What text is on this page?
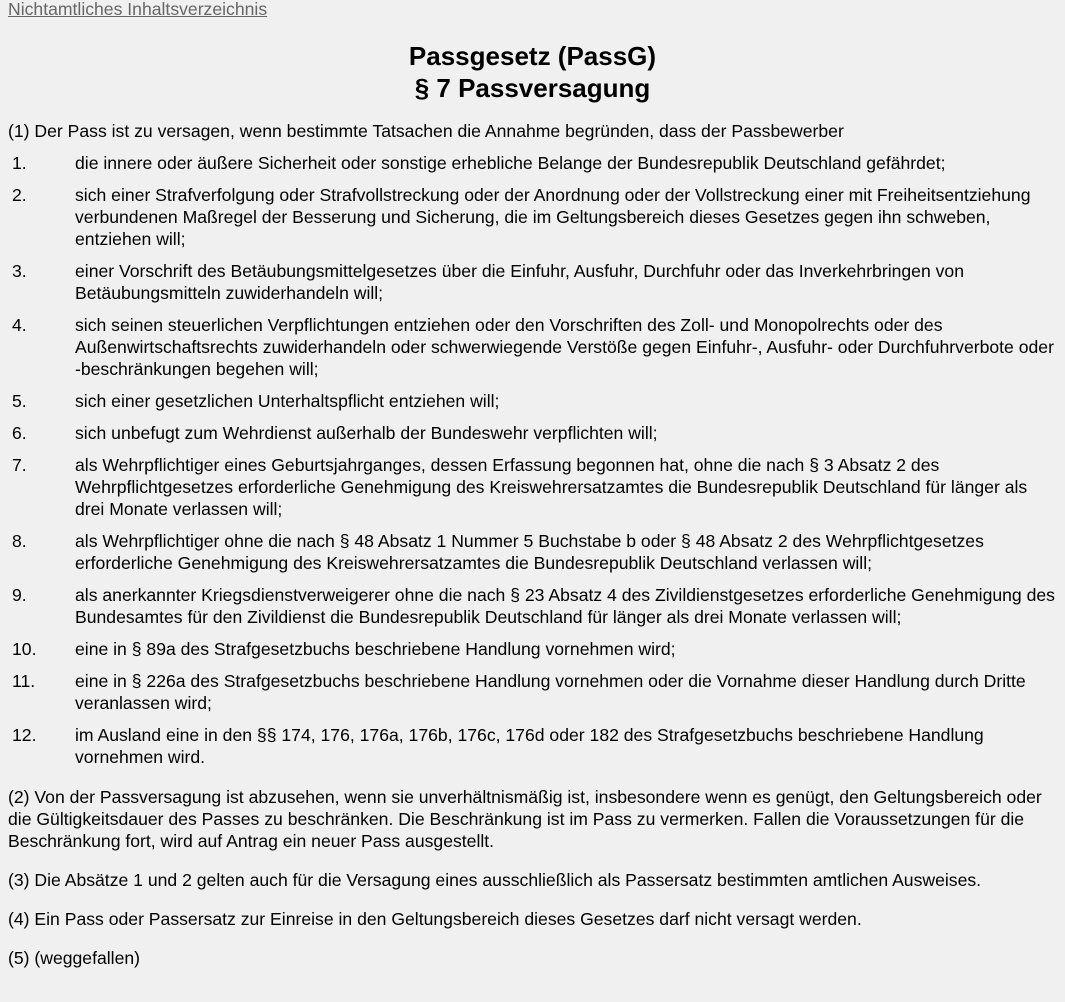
Nichtamtliches Inhaltsverzeichnis
Passgesetz (PassG)
§ 7 Passversagung

(1) Der Pass ist zu versagen, wenn bestimmte Tatsachen die Annahme begründen, dass der Passbewerber

1.	die innere oder äußere Sicherheit oder sonstige erhebliche Belange der Bundesrepublik Deutschland gefährdet;
2.	sich einer Strafverfolgung oder Strafvollstreckung oder der Anordnung oder der Vollstreckung einer mit Freiheitsentziehung verbundenen Maßregel der Besserung und Sicherung, die im Geltungsbereich dieses Gesetzes gegen ihn schweben, entziehen will;
3.	einer Vorschrift des Betäubungsmittelgesetzes über die Einfuhr, Ausfuhr, Durchfuhr oder das Inverkehrbringen von Betäubungsmitteln zuwiderhandeln will;
4.	sich seinen steuerlichen Verpflichtungen entziehen oder den Vorschriften des Zoll- und Monopolrechts oder des Außenwirtschaftsrechts zuwiderhandeln oder schwerwiegende Verstöße gegen Einfuhr-, Ausfuhr- oder Durchfuhrverbote oder -beschränkungen begehen will;
5.	sich einer gesetzlichen Unterhaltspflicht entziehen will;
6.	sich unbefugt zum Wehrdienst außerhalb der Bundeswehr verpflichten will;
7.	als Wehrpflichtiger eines Geburtsjahrganges, dessen Erfassung begonnen hat, ohne die nach § 3 Absatz 2 des Wehrpflichtgesetzes erforderliche Genehmigung des Kreiswehrersatzamtes die Bundesrepublik Deutschland für länger als drei Monate verlassen will;
8.	als Wehrpflichtiger ohne die nach § 48 Absatz 1 Nummer 5 Buchstabe b oder § 48 Absatz 2 des Wehrpflichtgesetzes erforderliche Genehmigung des Kreiswehrersatzamtes die Bundesrepublik Deutschland verlassen will;
9.	als anerkannter Kriegsdienstverweigerer ohne die nach § 23 Absatz 4 des Zivildienstgesetzes erforderliche Genehmigung des Bundesamtes für den Zivildienst die Bundesrepublik Deutschland für länger als drei Monate verlassen will;
10.	eine in § 89a des Strafgesetzbuchs beschriebene Handlung vornehmen wird;
11.	eine in § 226a des Strafgesetzbuchs beschriebene Handlung vornehmen oder die Vornahme dieser Handlung durch Dritte veranlassen wird;
12.	im Ausland eine in den §§ 174, 176, 176a, 176b, 176c, 176d oder 182 des Strafgesetzbuchs beschriebene Handlung vornehmen wird.

(2) Von der Passversagung ist abzusehen, wenn sie unverhältnismäßig ist, insbesondere wenn es genügt, den Geltungsbereich oder die Gültigkeitsdauer des Passes zu beschränken. Die Beschränkung ist im Pass zu vermerken. Fallen die Voraussetzungen für die Beschränkung fort, wird auf Antrag ein neuer Pass ausgestellt.

(3) Die Absätze 1 und 2 gelten auch für die Versagung eines ausschließlich als Passersatz bestimmten amtlichen Ausweises.

(4) Ein Pass oder Passersatz zur Einreise in den Geltungsbereich dieses Gesetzes darf nicht versagt werden.

(5) (weggefallen)
